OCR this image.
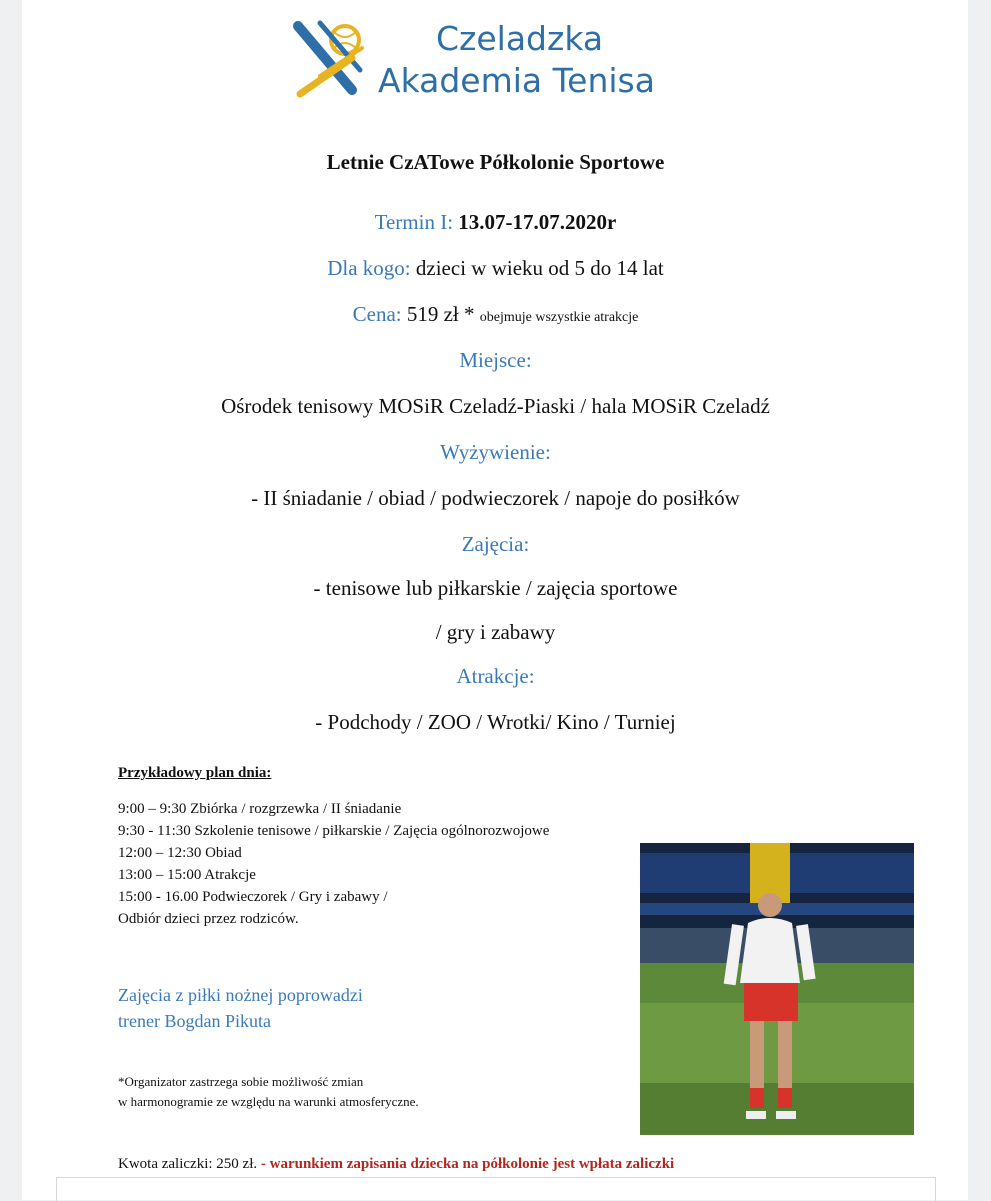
Czeladzka
Akademia Tenisa
Letnie CzATowe Półkolonie Sportowe
Termin I: 13.07-17.07.2020r
Dla kogo: dzieci w wieku od 5 do 14 lat
Cena: 519 zł * obejmuje wszystkie atrakcje
Miejsce:
Ośrodek tenisowy MOSiR Czeladź-Piaski / hala MOSiR Czeladź
Wyżywienie:
- II śniadanie / obiad / podwieczorek / napoje do posiłków
Zajęcia:
- tenisowe lub piłkarskie / zajęcia sportowe
/ gry i zabawy
Atrakcje:
- Podchody / ZOO / Wrotki/ Kino / Turniej
Przykładowy plan dnia:
9:00 – 9:30 Zbiórka / rozgrzewka / II śniadanie
9:30 - 11:30 Szkolenie tenisowe / piłkarskie / Zajęcia ogólnorozwojowe
12:00 – 12:30 Obiad
13:00 – 15:00 Atrakcje
15:00 - 16.00 Podwieczorek / Gry i zabawy /
Odbiór dzieci przez rodziców.
Zajęcia z piłki nożnej poprowadzi
trener Bogdan Pikuta
*Organizator zastrzega sobie możliwość zmian
w harmonogramie ze względu na warunki atmosferyczne.
Kwota zaliczki: 250 zł. - warunkiem zapisania dziecka na półkolonie jest wpłata zaliczki
